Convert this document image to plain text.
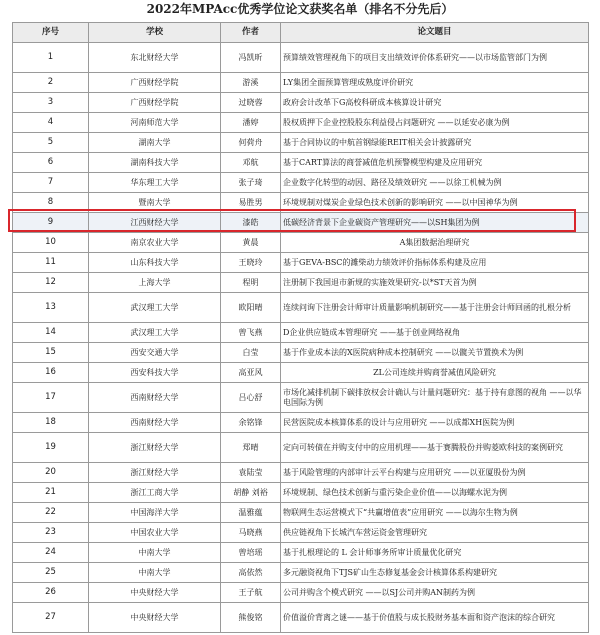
2022年MPAcc优秀学位论文获奖名单（排名不分先后）
序号	学校	作者	论文题目
1	东北财经大学	冯凯昕	预算绩效管理视角下的项目支出绩效评价体系研究——以市场监管部门为例
2	广西财经学院	游溪	LY集团全面预算管理成熟度评价研究
3	广西财经学院	过晓蓉	政府会计改革下G高校科研成本核算设计研究
4	河南师范大学	潘婷	股权质押下企业控股股东利益侵占问题研究 ——以延安必康为例
5	湖南大学	何荷舟	基于合同协议的中航首钢绿能REIT相关会计披露研究
6	湖南科技大学	邓航	基于CART算法的商誉减值危机预警模型构建及应用研究
7	华东理工大学	张子琦	企业数字化转型的动因、路径及绩效研究 ——以徐工机械为例
8	暨南大学	易胜男	环境规制对煤炭企业绿色技术创新的影响研究 ——以中国神华为例
9	江西财经大学	漆皓	低碳经济背景下企业碳资产管理研究——以SH集团为例
10	南京农业大学	黄晨	A集团数据治理研究
11	山东科技大学	王晓玲	基于GEVA-BSC的濉柴动力绩效评价指标体系构建及应用
12	上海大学	程明	注册制下我国退市新规的实施效果研究-以*ST天首为例
13	武汉理工大学	欧阳晴	连续问询下注册会计师审计质量影响机制研究——基于注册会计师回函的扎根分析
14	武汉理工大学	曾飞燕	D企业供应链成本管理研究 ——基于创业网络视角
15	西安交通大学	白莹	基于作业成本法的X医院病种成本控制研究 ——以髋关节置换术为例
16	西安科技大学	高亚风	ZL公司连续并购商誉减值风险研究
17	西南财经大学	吕心舒	市场化减排机制下碳排放权会计确认与计量问题研究：基于持有意图的视角 ——以华电国际为例
18	西南财经大学	余铭锋	民营医院成本核算体系的设计与应用研究 ——以成都XH医院为例
19	浙江财经大学	郑晴	定向可转债在并购支付中的应用机理——基于赛腾股份并购菱欧科技的案例研究
20	浙江财经大学	袁陆莹	基于风险管理的内部审计云平台构建与应用研究 ——以亚厦股份为例
21	浙江工商大学	胡静 刘裕	环境规制、绿色技术创新与重污染企业价值——以海螺水泥为例
22	中国海洋大学	温雅蕴	物联网生态运营模式下“共赢增值表”应用研究 ——以海尔生物为例
23	中国农业大学	马晓燕	供应链视角下长城汽车营运资金管理研究
24	中南大学	曾培瑶	基于扎根理论的 L 会计师事务所审计质量优化研究
25	中南大学	高依然	多元融资视角下TJS矿山生态修复基金会计核算体系构建研究
26	中央财经大学	王子航	公司并购含个模式研究 ——以SJ公司并购AN制药为例
27	中央财经大学	熊俊铭	价值溢价背离之谜——基于价值股与成长股财务基本面和资产泡沫的综合研究
